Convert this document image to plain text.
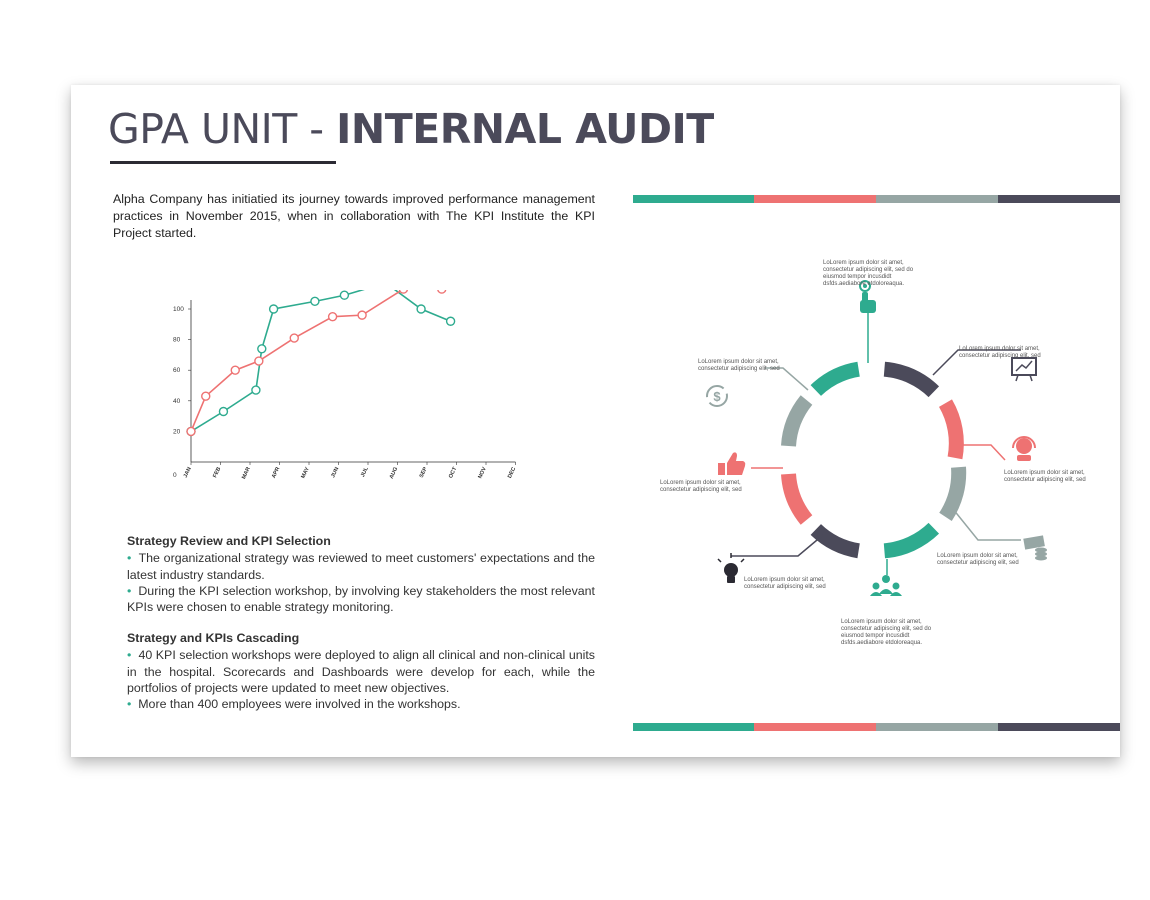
GPA UNIT - INTERNAL AUDIT

Alpha Company has initiatied its journey towards improved performance management practices in November 2015, when in collaboration with The KPI Institute the KPI Project started.

0
20
40
60
80
100
JAN	FEB	MAR	APR	MAY	JUN	JUL	AUG	SEP	OCT	NOV	DEC
Strategy Review and KPI Selection

• The organizational strategy was reviewed to meet customers' expectations and the latest industry standards.

• During the KPI selection workshop, by involving key stakeholders the most relevant KPIs were chosen to enable strategy monitoring.

Strategy and KPIs Cascading

• 40 KPI selection workshops were deployed to align all clinical and non-clinical units in the hospital. Scorecards and Dashboards were develop for each, while the portfolios of projects were updated to meet new objectives.

• More than 400 employees were involved in the workshops.

$
LoLorem ipsum dolor sit amet, consectetur adipiscing elit, sed do eiusmod tempor incusdidt dsfds.aediabore etdoloreaqua.
LoLorem ipsum dolor sit amet, consectetur adipiscing elit, sed
LoLorem ipsum dolor sit amet, consectetur adipiscing elit, sed
LoLorem ipsum dolor sit amet, consectetur adipiscing elit, sed
LoLorem ipsum dolor sit amet, consectetur adipiscing elit, sed do eiusmod tempor incusdidt dsfds.aediabore etdoloreaqua.
LoLorem ipsum dolor sit amet, consectetur adipiscing elit, sed
LoLorem ipsum dolor sit amet, consectetur adipiscing elit, sed
LoLorem ipsum dolor sit amet, consectetur adipiscing elit, sed
